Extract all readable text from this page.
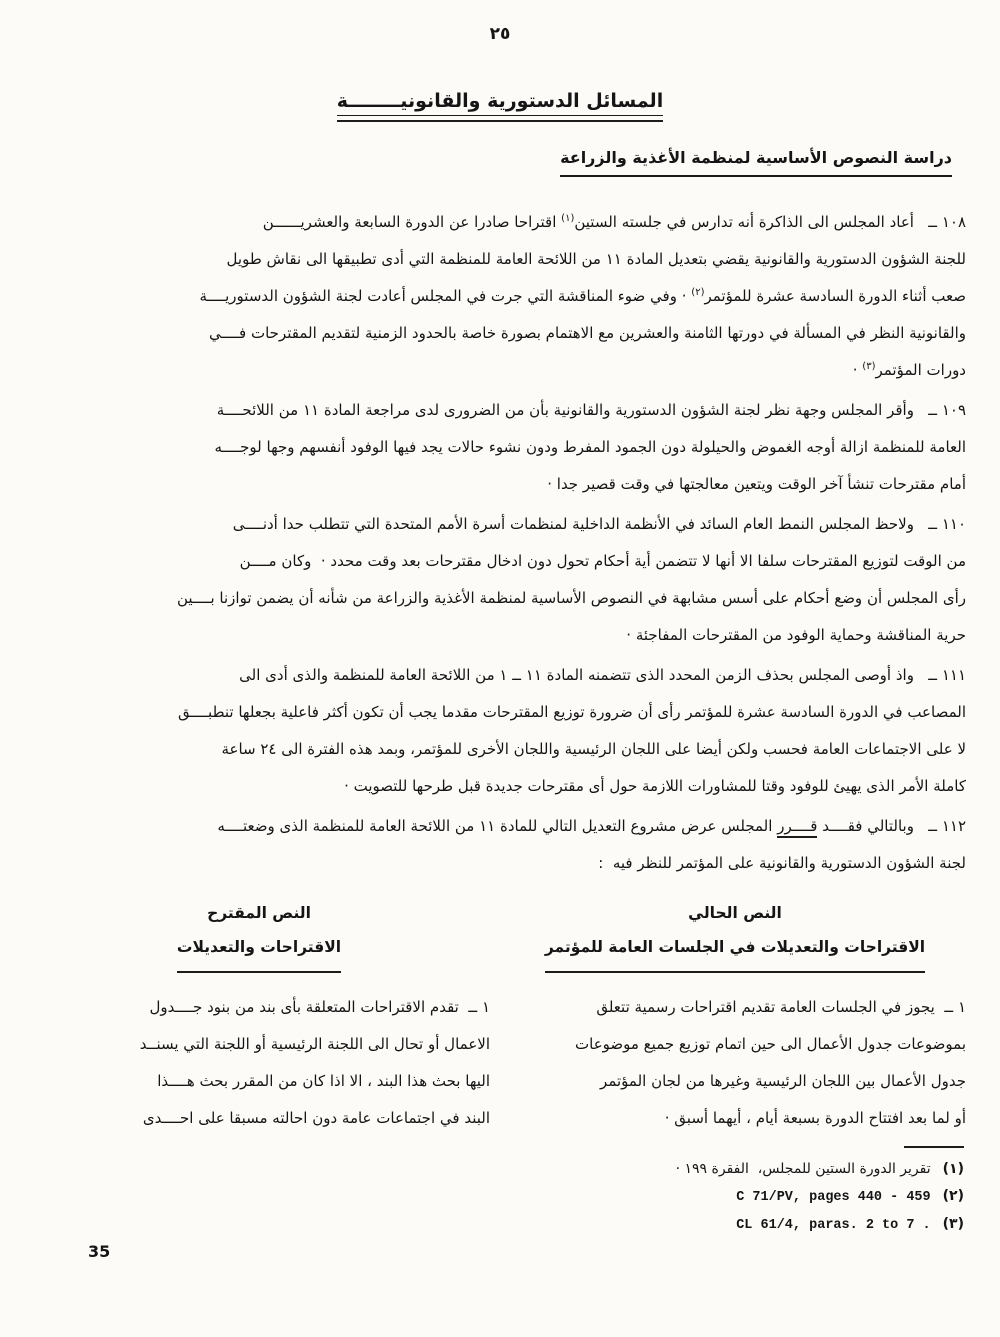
٢٥
المسائل الدستورية والقانونيــــــــة
دراسة النصوص الأساسية لمنظمة الأغذية والزراعة
١٠٨ ــ   أعاد المجلس الى الذاكرة أنه تدارس في جلسته الستين$^{(١)}$ اقتراحا صادرا عن الدورة السابعة والعشريــــــن
للجنة الشؤون الدستورية والقانونية يقضي بتعديل المادة ١١ من اللائحة العامة للمنظمة التي أدى تطبيقها الى نقاش طويل
صعب أثناء الدورة السادسة عشرة للمؤتمر$^{(٢)}$ · وفي ضوء المناقشة التي جرت في المجلس أعادت لجنة الشؤون الدستوريــــة
والقانونية النظر في المسألة في دورتها الثامنة والعشرين مع الاهتمام بصورة خاصة بالحدود الزمنية لتقديم المقترحات فــــي
دورات المؤتمر$^{(٣)}$ ·
١٠٩ ــ   وأقر المجلس وجهة نظر لجنة الشؤون الدستورية والقانونية بأن من الضرورى لدى مراجعة المادة ١١ من اللائحــــة
العامة للمنظمة ازالة أوجه الغموض والحيلولة دون الجمود المفرط ودون نشوء حالات يجد فيها الوفود أنفسهم وجها لوجــــه
أمام مقترحات تنشأ آخر الوقت ويتعين معالجتها في وقت قصير جدا ·
١١٠ ــ   ولاحظ المجلس النمط العام السائد في الأنظمة الداخلية لمنظمات أسرة الأمم المتحدة التي تتطلب حدا أدنــــى
من الوقت لتوزيع المقترحات سلفا الا أنها لا تتضمن أية أحكام تحول دون ادخال مقترحات بعد وقت محدد ·  وكان مــــن
رأى المجلس أن وضع أحكام على أسس مشابهة في النصوص الأساسية لمنظمة الأغذية والزراعة من شأنه أن يضمن توازنا بــــين
حرية المناقشة وحماية الوفود من المقترحات المفاجئة ·
١١١ ــ   واذ أوصى المجلس بحذف الزمن المحدد الذى تتضمنه المادة ١١ ــ ١ من اللائحة العامة للمنظمة والذى أدى الى
المصاعب في الدورة السادسة عشرة للمؤتمر رأى أن ضرورة توزيع المقترحات مقدما يجب أن تكون أكثر فاعلية بجعلها تنطبــــق
لا على الاجتماعات العامة فحسب ولكن أيضا على اللجان الرئيسية واللجان الأخرى للمؤتمر، وبمد هذه الفترة الى ٢٤ ساعة
كاملة الأمر الذى يهيئ للوفود وقتا للمشاورات اللازمة حول أى مقترحات جديدة قبل طرحها للتصويت ·
١١٢ ــ   وبالتالي فقــــد قــــرر المجلس عرض مشروع التعديل التالي للمادة ١١ من اللائحة العامة للمنظمة الذى وضعتــــه
لجنة الشؤون الدستورية والقانونية على المؤتمر للنظر فيه  :
النص الحالي
الاقتراحات والتعديلات في الجلسات العامة للمؤتمر
١ ــ  يجوز في الجلسات العامة تقديم اقتراحات رسمية تتعلق
بموضوعات جدول الأعمال الى حين اتمام توزيع جميع موضوعات
جدول الأعمال بين اللجان الرئيسية وغيرها من لجان المؤتمر
أو لما بعد افتتاح الدورة بسبعة أيام ، أيهما أسبق ·
النص المقترح
الاقتراحات والتعديلات
١ ــ  تقدم الاقتراحات المتعلقة بأى بند من بنود جــــدول
الاعمال أو تحال الى اللجنة الرئيسية أو اللجنة التي يسنــد
اليها بحث هذا البند ، الا اذا كان من المقرر بحث هــــذا
البند في اجتماعات عامة دون احالته مسبقا على احــــدى
(١)
تقرير الدورة الستين للمجلس،  الفقرة ١٩٩ ·
(٢)
C 71/PV, pages 440 - 459
(٣)
CL 61/4, paras. 2 to 7 .
35
